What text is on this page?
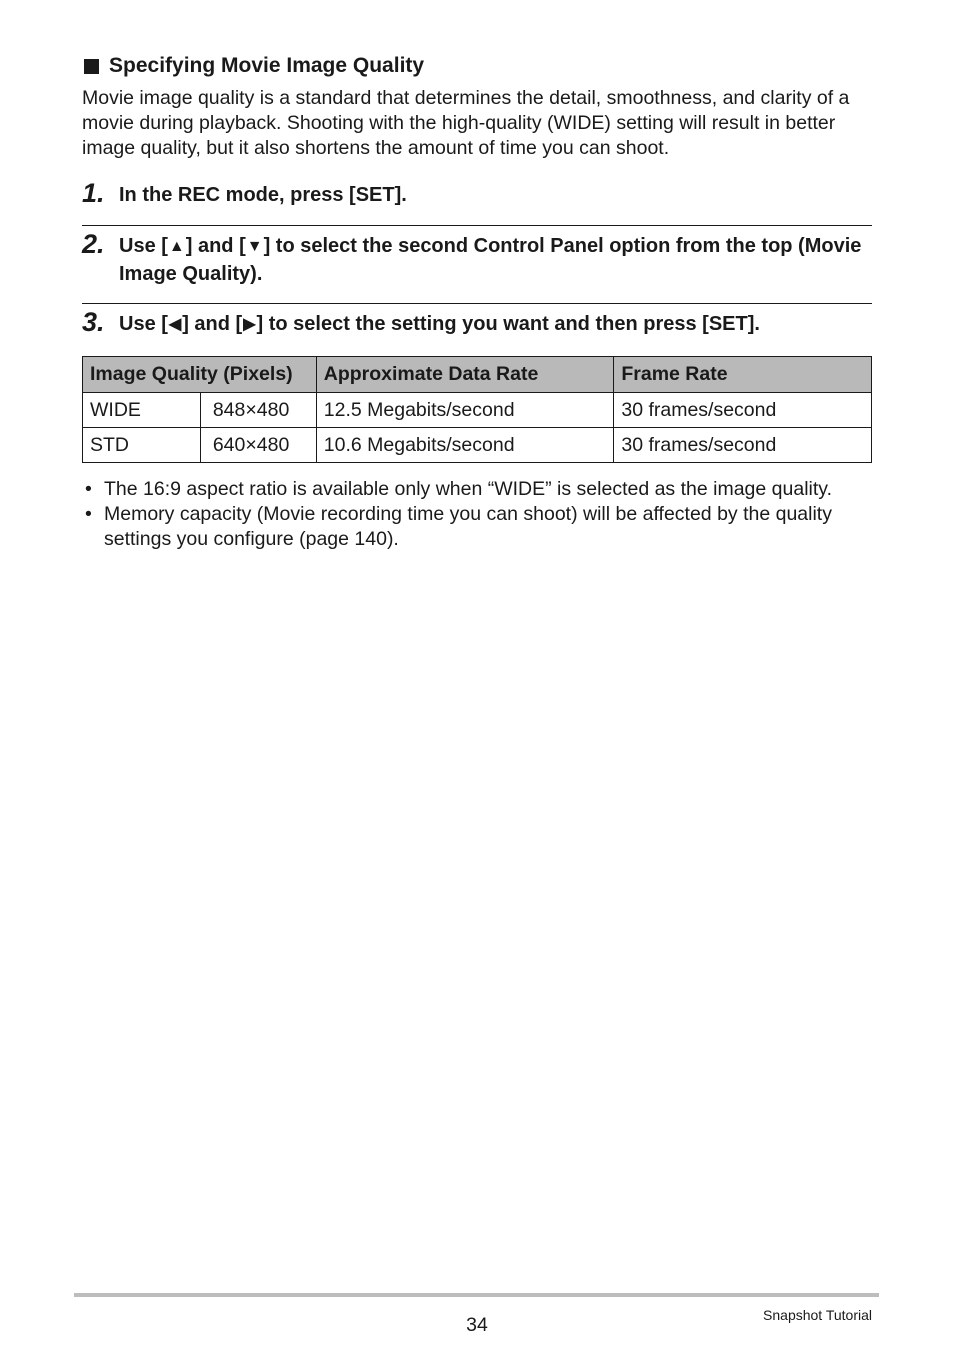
Specifying Movie Image Quality

Movie image quality is a standard that determines the detail, smoothness, and clarity of a movie during playback. Shooting with the high-quality (WIDE) setting will result in better image quality, but it also shortens the amount of time you can shoot.

1. In the REC mode, press [SET].
2. Use [▲] and [▼] to select the second Control Panel option from the top (Movie Image Quality).
3. Use [◀] and [▶] to select the setting you want and then press [SET].
Image Quality (Pixels)		Approximate Data Rate	Frame Rate
WIDE	848×480	12.5 Megabits/second	30 frames/second
STD	640×480	10.6 Megabits/second	30 frames/second
• The 16:9 aspect ratio is available only when “WIDE” is selected as the image quality.
• Memory capacity (Movie recording time you can shoot) will be affected by the quality settings you configure (page 140).
34	Snapshot Tutorial
